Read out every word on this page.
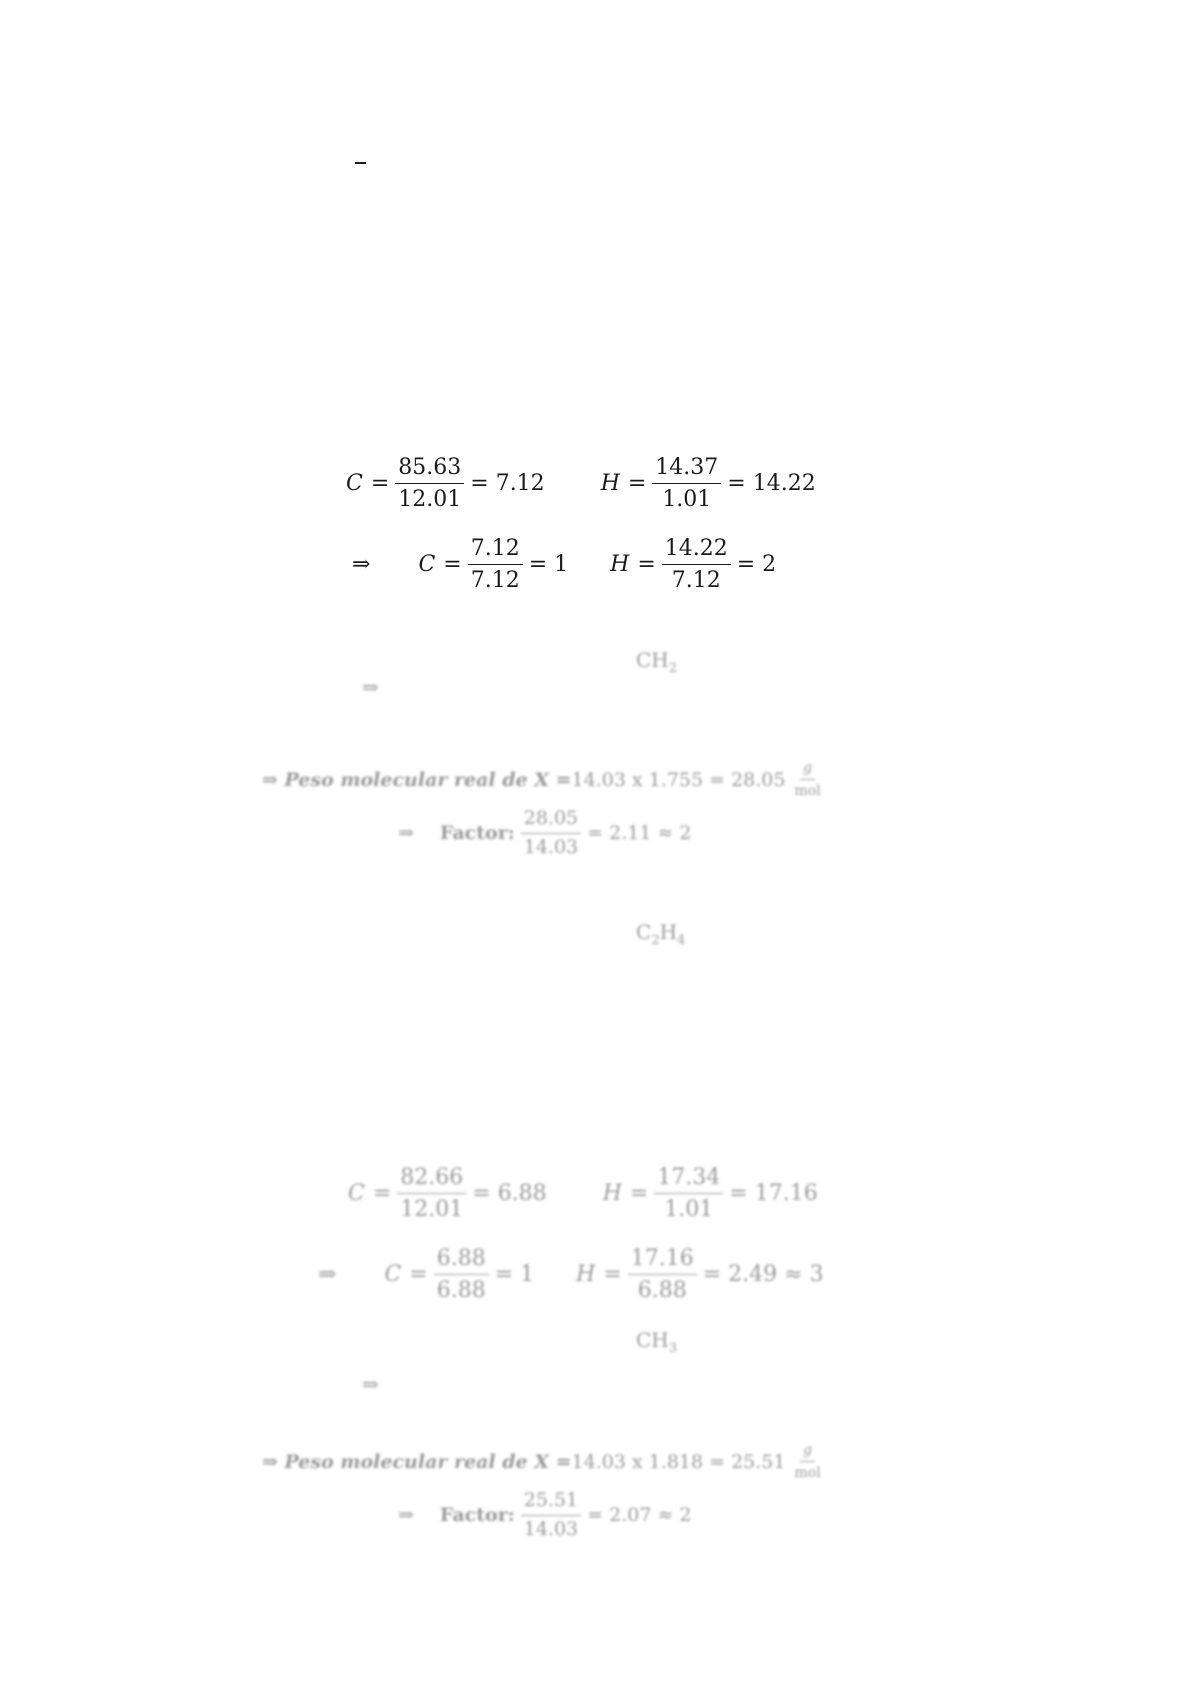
$C = \frac{85.63}{12.01} = 7.12$	$H = \frac{14.37}{1.01} = 14.22$
⇒ $C = \frac{7.12}{7.12} = 1$ $H = \frac{14.22}{7.12} = 2$
$CH_2$
⇒
⇒ Peso molecular real de X = 14.03 x $1.755 = 28.05 \frac{g}{\text{mol}}$
⇒ Factor: $\frac{28.05}{14.03} = 2.11 \approx 2$
$C_2H_4$
$C = \frac{82.66}{12.01} = 6.88$	$H = \frac{17.34}{1.01} = 17.16$
⇒ $C = \frac{6.88}{6.88} = 1$ $H = \frac{17.16}{6.88} = 2.49 \approx 3$
$CH_3$
⇒
⇒ Peso molecular real de X = 14.03 x $1.818 = 25.51 \frac{g}{\text{mol}}$
⇒ Factor: $\frac{25.51}{14.03} = 2.07 \approx 2$
